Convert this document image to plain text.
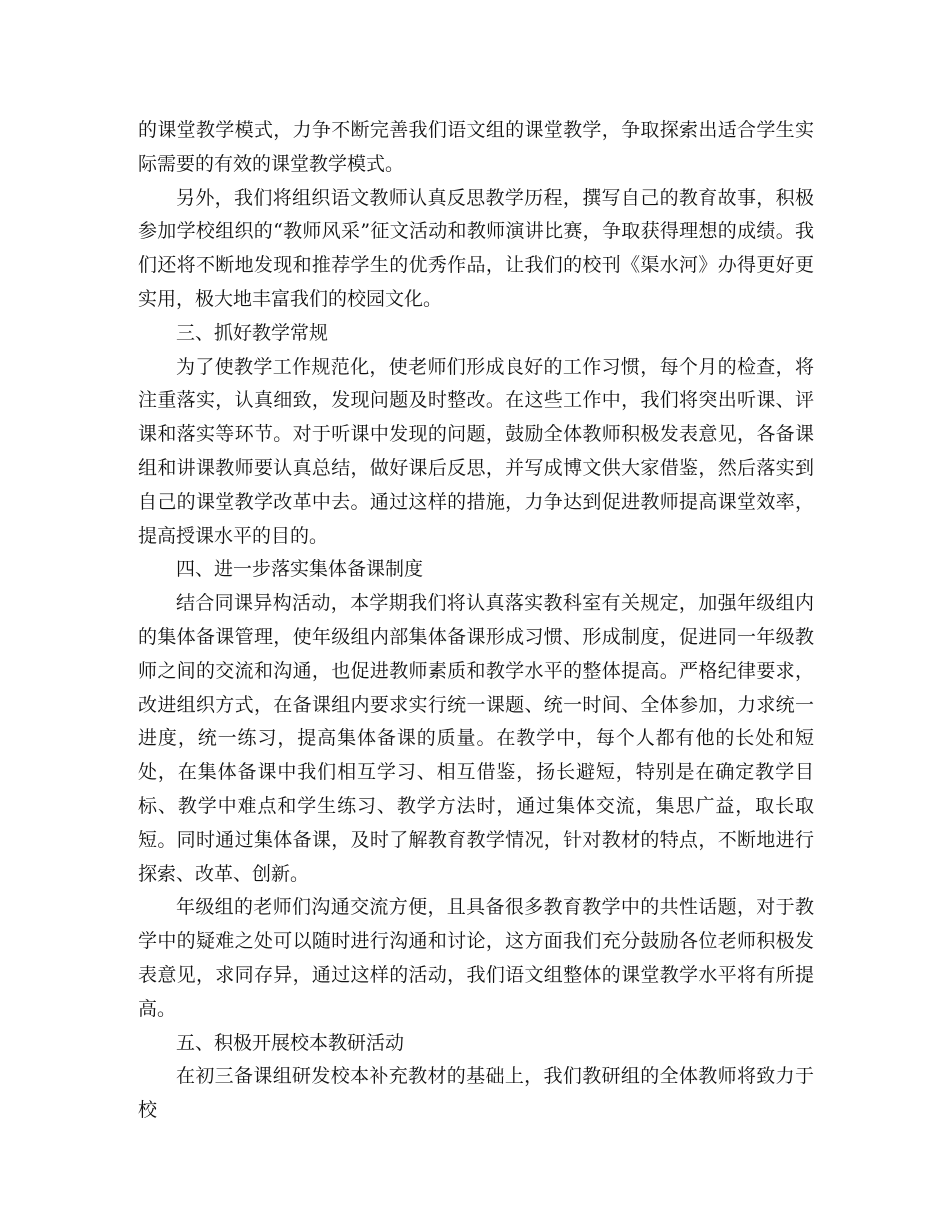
的课堂教学模式，力争不断完善我们语文组的课堂教学，争取探索出适合学生实际需要的有效的课堂教学模式。

另外，我们将组织语文教师认真反思教学历程，撰写自己的教育故事，积极参加学校组织的“教师风采”征文活动和教师演讲比赛，争取获得理想的成绩。我们还将不断地发现和推荐学生的优秀作品，让我们的校刊《渠水河》办得更好更实用，极大地丰富我们的校园文化。

三、抓好教学常规

为了使教学工作规范化，使老师们形成良好的工作习惯，每个月的检查，将注重落实，认真细致，发现问题及时整改。在这些工作中，我们将突出听课、评课和落实等环节。对于听课中发现的问题，鼓励全体教师积极发表意见，各备课组和讲课教师要认真总结，做好课后反思，并写成博文供大家借鉴，然后落实到自己的课堂教学改革中去。通过这样的措施，力争达到促进教师提高课堂效率，提高授课水平的目的。

四、进一步落实集体备课制度

结合同课异构活动，本学期我们将认真落实教科室有关规定，加强年级组内的集体备课管理，使年级组内部集体备课形成习惯、形成制度，促进同一年级教师之间的交流和沟通，也促进教师素质和教学水平的整体提高。严格纪律要求，改进组织方式，在备课组内要求实行统一课题、统一时间、全体参加，力求统一进度，统一练习，提高集体备课的质量。在教学中，每个人都有他的长处和短处，在集体备课中我们相互学习、相互借鉴，扬长避短，特别是在确定教学目标、教学中难点和学生练习、教学方法时，通过集体交流，集思广益，取长取短。同时通过集体备课，及时了解教育教学情况，针对教材的特点，不断地进行探索、改革、创新。

年级组的老师们沟通交流方便，且具备很多教育教学中的共性话题，对于教学中的疑难之处可以随时进行沟通和讨论，这方面我们充分鼓励各位老师积极发表意见，求同存异，通过这样的活动，我们语文组整体的课堂教学水平将有所提高。

五、积极开展校本教研活动

在初三备课组研发校本补充教材的基础上，我们教研组的全体教师将致力于校
